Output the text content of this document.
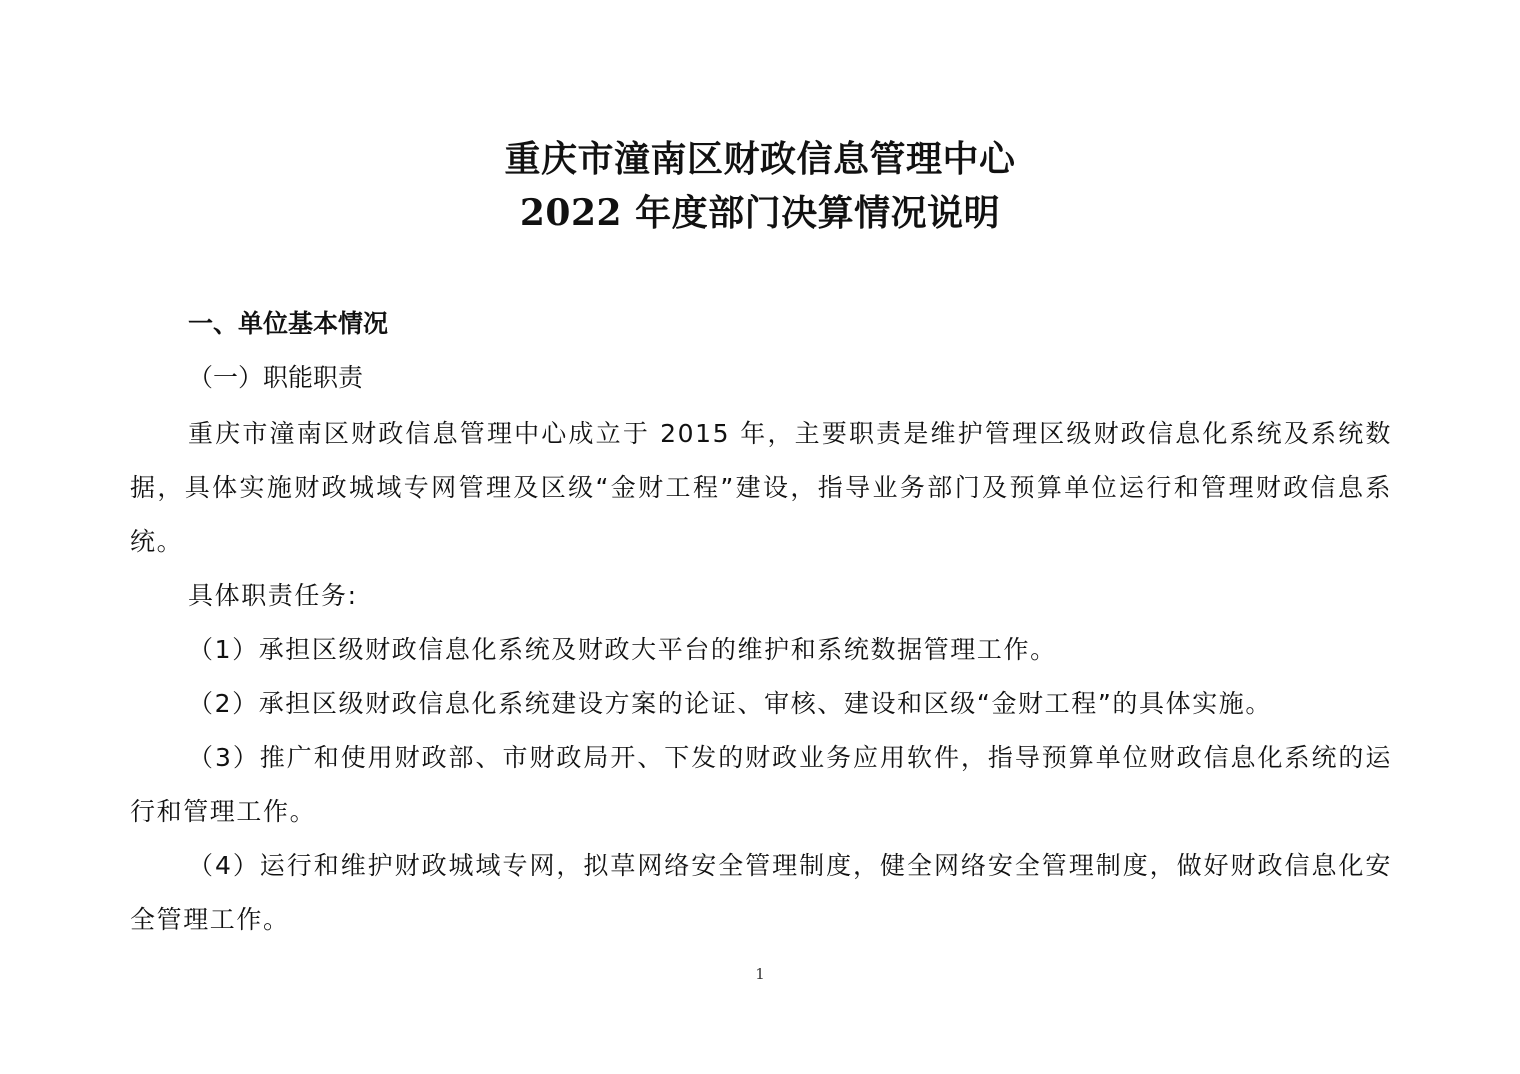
重庆市潼南区财政信息管理中心
2022 年度部门决算情况说明
一、单位基本情况
（一）职能职责
重庆市潼南区财政信息管理中心成立于 2015 年，主要职责是维护管理区级财政信息化系统及系统数据，具体实施财政城域专网管理及区级“金财工程”建设，指导业务部门及预算单位运行和管理财政信息系统。
具体职责任务:
（1）承担区级财政信息化系统及财政大平台的维护和系统数据管理工作。
（2）承担区级财政信息化系统建设方案的论证、审核、建设和区级“金财工程”的具体实施。
（3）推广和使用财政部、市财政局开、下发的财政业务应用软件，指导预算单位财政信息化系统的运行和管理工作。
（4）运行和维护财政城域专网，拟草网络安全管理制度，健全网络安全管理制度，做好财政信息化安全管理工作。
1
